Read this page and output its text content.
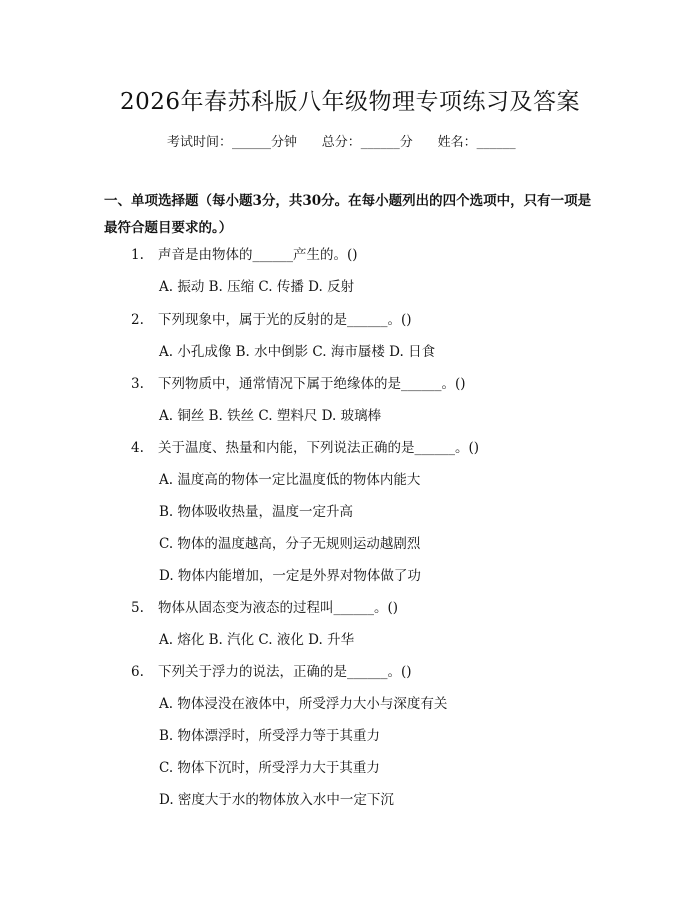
2026年春苏科版八年级物理专项练习及答案
考试时间：______分钟      总分：______分      姓名：______
一、单项选择题（每小题3分，共30分。在每小题列出的四个选项中，只有一项是最符合题目要求的。）
1. 声音是由物体的______产生的。()
A. 振动 B. 压缩 C. 传播 D. 反射
2. 下列现象中，属于光的反射的是______。()
A. 小孔成像 B. 水中倒影 C. 海市蜃楼 D. 日食
3. 下列物质中，通常情况下属于绝缘体的是______。()
A. 铜丝 B. 铁丝 C. 塑料尺 D. 玻璃棒
4. 关于温度、热量和内能，下列说法正确的是______。()
A. 温度高的物体一定比温度低的物体内能大
B. 物体吸收热量，温度一定升高
C. 物体的温度越高，分子无规则运动越剧烈
D. 物体内能增加，一定是外界对物体做了功
5. 物体从固态变为液态的过程叫______。()
A. 熔化 B. 汽化 C. 液化 D. 升华
6. 下列关于浮力的说法，正确的是______。()
A. 物体浸没在液体中，所受浮力大小与深度有关
B. 物体漂浮时，所受浮力等于其重力
C. 物体下沉时，所受浮力大于其重力
D. 密度大于水的物体放入水中一定下沉
